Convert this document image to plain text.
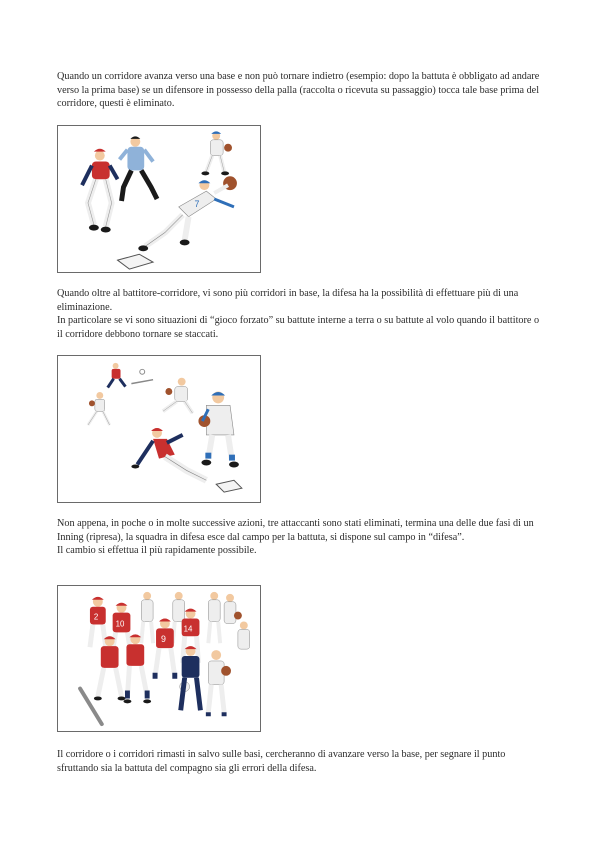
Quando un corridore avanza verso una base e non può tornare indietro (esempio: dopo la battuta è obbligato ad andare verso la prima base) se un difensore in possesso della palla (raccolta o ricevuta su passaggio) tocca tale base prima del corridore, questi è eliminato.
7
Quando oltre al battitore-corridore, vi sono più corridori in base, la difesa ha la possibilità di effettuare più di una eliminazione.
In particolare se vi sono situazioni di “gioco forzato” su battute interne a terra o su battute al volo quando il battitore o il corridore debbono tornare se staccati.
Non appena, in poche o in molte successive azioni, tre attaccanti sono stati eliminati, termina una delle due fasi di un Inning (ripresa), la squadra in difesa esce dal campo per la battuta, si dispone sul campo in “difesa”.
Il cambio si effettua il più rapidamente possibile.
2
10
9
14
Il corridore o i corridori rimasti in salvo sulle basi, cercheranno di avanzare verso la base, per segnare il punto sfruttando sia la battuta del compagno sia gli errori della difesa.
